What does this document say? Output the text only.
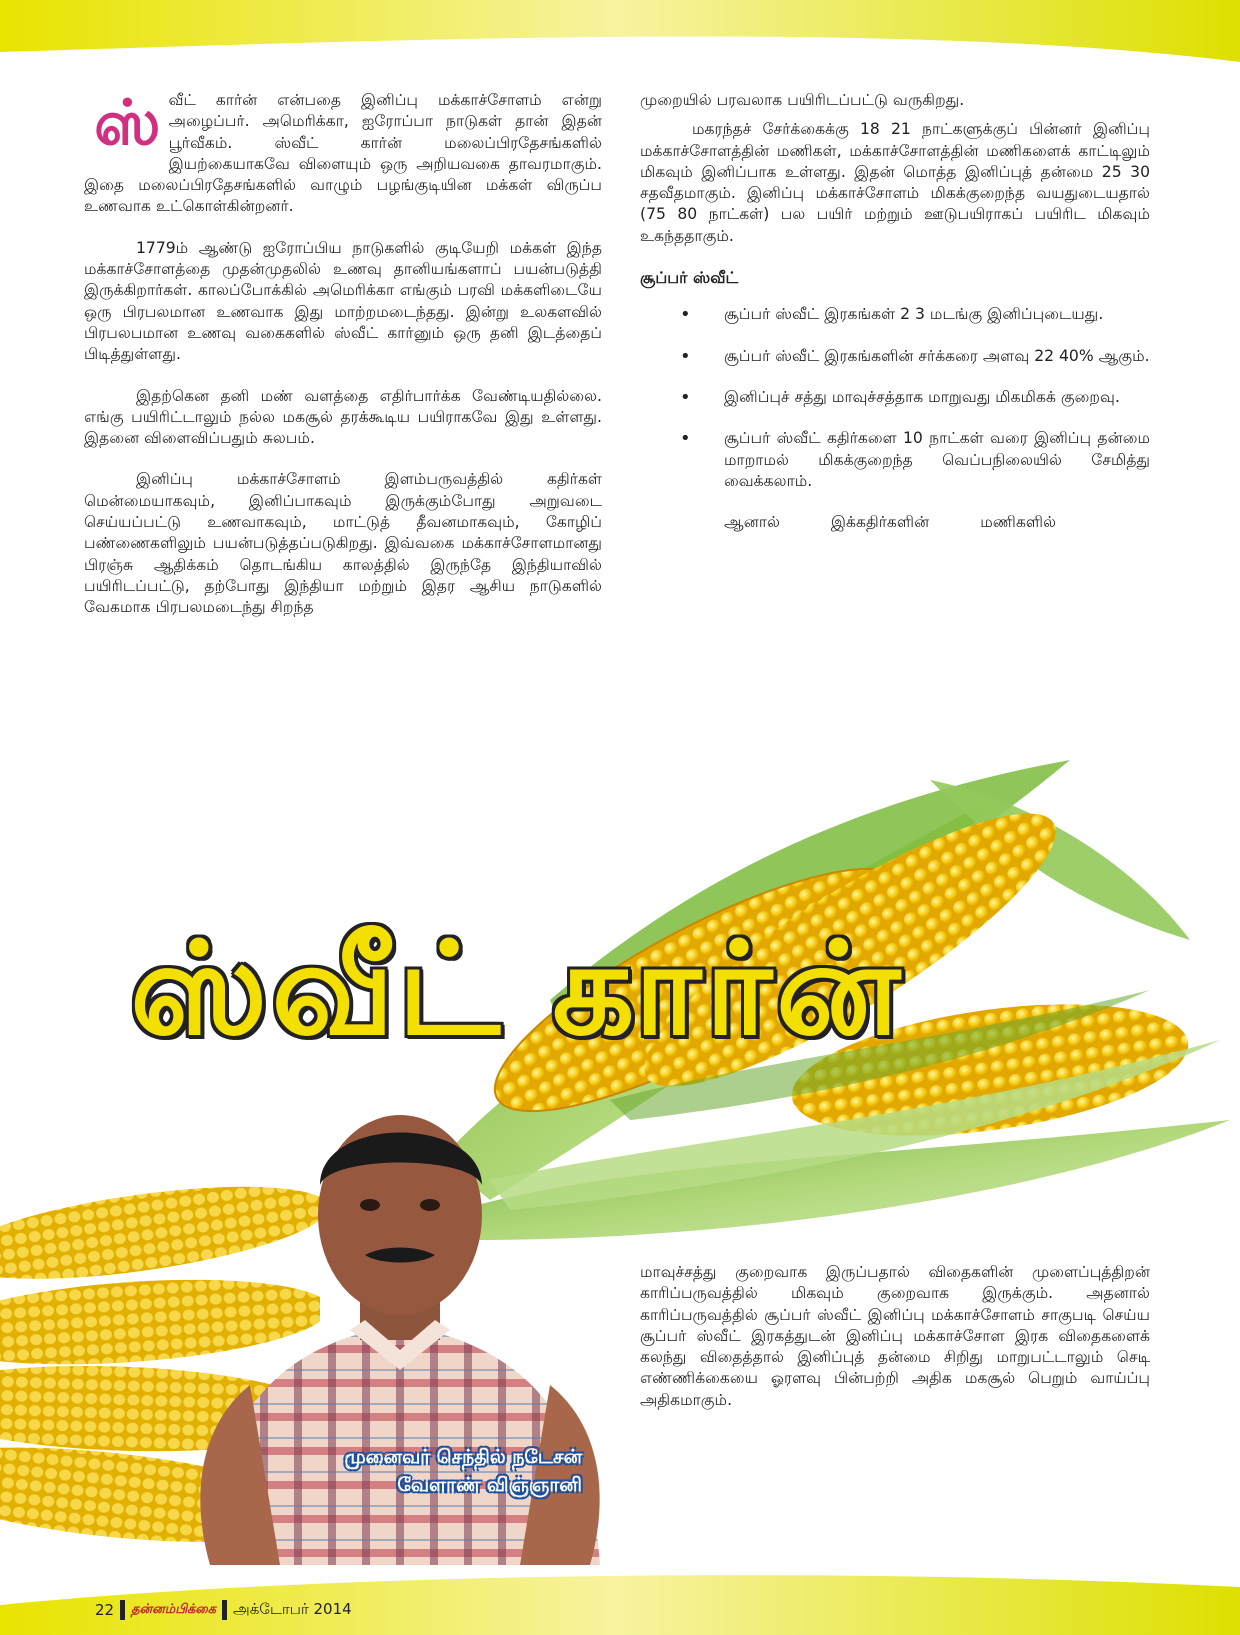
ஸ் வீட் கார்ன் என்பதை இனிப்பு மக்காச்சோளம் என்று அழைப்பர். அமெரிக்கா, ஐரோப்பா நாடுகள் தான் இதன் பூர்வீகம். ஸ்வீட் கார்ன் மலைப்பிரதேசங்களில் இயற்கையாகவே விளையும் ஒரு அறியவகை தாவரமாகும். இதை மலைப்பிரதேசங்களில் வாழும் பழங்குடியின மக்கள் விருப்ப உணவாக உட்கொள்கின்றனர்.

1779ம் ஆண்டு ஐரோப்பிய நாடுகளில் குடியேறி மக்கள் இந்த மக்காச்சோளத்தை முதன்முதலில் உணவு தானியங்களாப் பயன்படுத்தி இருக்கிறார்கள். காலப்போக்கில் அமெரிக்கா எங்கும் பரவி மக்களிடையே ஒரு பிரபலமான உணவாக இது மாற்றமடைந்தது. இன்று உலகளவில் பிரபலபமான உணவு வகைகளில் ஸ்வீட் கார்னும் ஒரு தனி இடத்தைப் பிடித்துள்ளது.

இதற்கென தனி மண் வளத்தை எதிர்பார்க்க வேண்டியதில்லை. எங்கு பயிரிட்டாலும் நல்ல மகசூல் தரக்கூடிய பயிராகவே இது உள்ளது. இதனை விளைவிப்பதும் சுலபம்.

இனிப்பு மக்காச்சோளம் இளம்பருவத்தில் கதிர்கள் மென்மையாகவும், இனிப்பாகவும் இருக்கும்போது அறுவடை செய்யப்பட்டு உணவாகவும், மாட்டுத் தீவனமாகவும், கோழிப் பண்ணைகளிலும் பயன்படுத்தப்படுகிறது. இவ்வகை மக்காச்சோளமானது பிரஞ்சு ஆதிக்கம் தொடங்கிய காலத்தில் இருந்தே இந்தியாவில் பயிரிடப்பட்டு, தற்போது இந்தியா மற்றும் இதர ஆசிய நாடுகளில் வேகமாக பிரபலமடைந்து சிறந்த

முறையில் பரவலாக பயிரிடப்பட்டு வருகிறது.

மகரந்தச் சேர்க்கைக்கு 18 21 நாட்களுக்குப் பின்னர் இனிப்பு மக்காச்சோளத்தின் மணிகள், மக்காச்சோளத்தின் மணிகளைக் காட்டிலும் மிகவும் இனிப்பாக உள்ளது. இதன் மொத்த இனிப்புத் தன்மை 25 30 சதவீதமாகும். இனிப்பு மக்காச்சோளம் மிகக்குறைந்த வயதுடையதால் (75 80 நாட்கள்) பல பயிர் மற்றும் ஊடுபயிராகப் பயிரிட மிகவும் உகந்ததாகும்.

சூப்பர் ஸ்வீட்
• சூப்பர் ஸ்வீட் இரகங்கள் 2 3 மடங்கு இனிப்புடையது.
• சூப்பர் ஸ்வீட் இரகங்களின் சர்க்கரை அளவு 22 40% ஆகும்.
• இனிப்புச் சத்து மாவுச்சத்தாக மாறுவது மிகமிகக் குறைவு.
• சூப்பர் ஸ்வீட் கதிர்களை 10 நாட்கள் வரை இனிப்பு தன்மை மாறாமல் மிகக்குறைந்த வெப்பநிலையில் சேமித்து வைக்கலாம்.
ஆனால் இக்கதிர்களின் மணிகளில்
ஸ்வீட் கார்ன்
முனைவர் செந்தில் நடேசன்
வேளாண் விஞ்ஞானி

மாவுச்சத்து குறைவாக இருப்பதால் விதைகளின் முளைப்புத்திறன் காரிப்பருவத்தில் மிகவும் குறைவாக இருக்கும். அதனால் காரிப்பருவத்தில் சூப்பர் ஸ்வீட் இனிப்பு மக்காச்சோளம் சாகுபடி செய்ய சூப்பர் ஸ்வீட் இரகத்துடன் இனிப்பு மக்காச்சோள இரக விதைகளைக் கலந்து விதைத்தால் இனிப்புத் தன்மை சிறிது மாறுபட்டாலும் செடி எண்ணிக்கையை ஓரளவு பின்பற்றி அதிக மகசூல் பெறும் வாய்ப்பு அதிகமாகும்.

22 தன்னம்பிக்கை அக்டோபர் 2014
